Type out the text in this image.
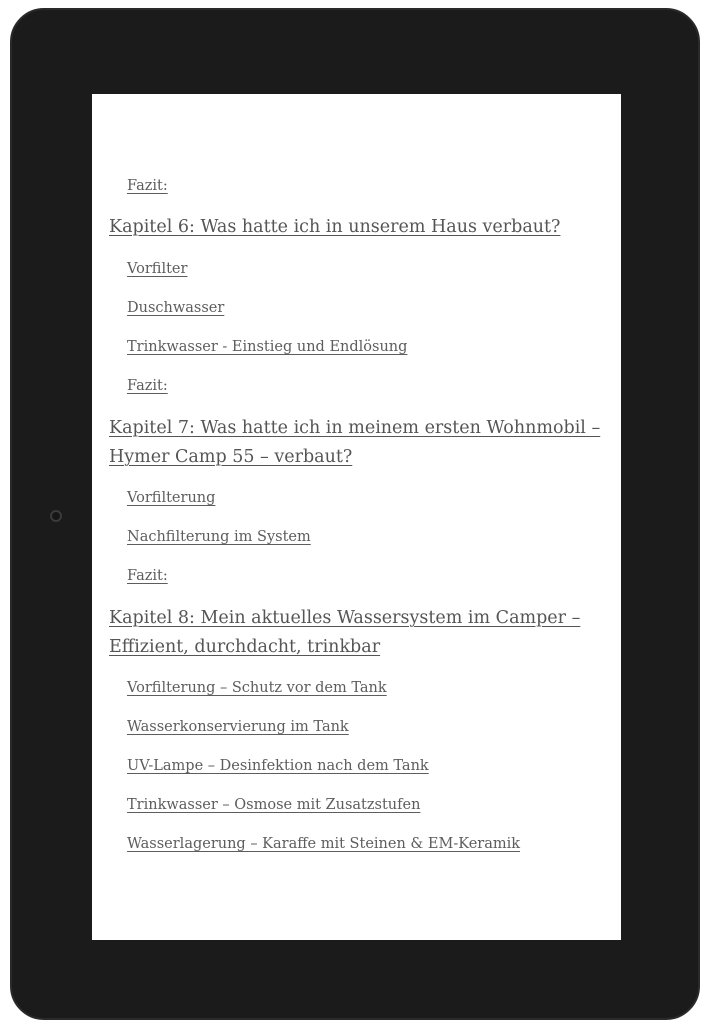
Fazit:
Kapitel 6: Was hatte ich in unserem Haus verbaut?
Vorfilter
Duschwasser
Trinkwasser - Einstieg und Endlösung
Fazit:
Kapitel 7: Was hatte ich in meinem ersten Wohnmobil –
Hymer Camp 55 – verbaut?
Vorfilterung
Nachfilterung im System
Fazit:
Kapitel 8: Mein aktuelles Wassersystem im Camper –
Effizient, durchdacht, trinkbar
Vorfilterung – Schutz vor dem Tank
Wasserkonservierung im Tank
UV-Lampe – Desinfektion nach dem Tank
Trinkwasser – Osmose mit Zusatzstufen
Wasserlagerung – Karaffe mit Steinen & EM-Keramik
